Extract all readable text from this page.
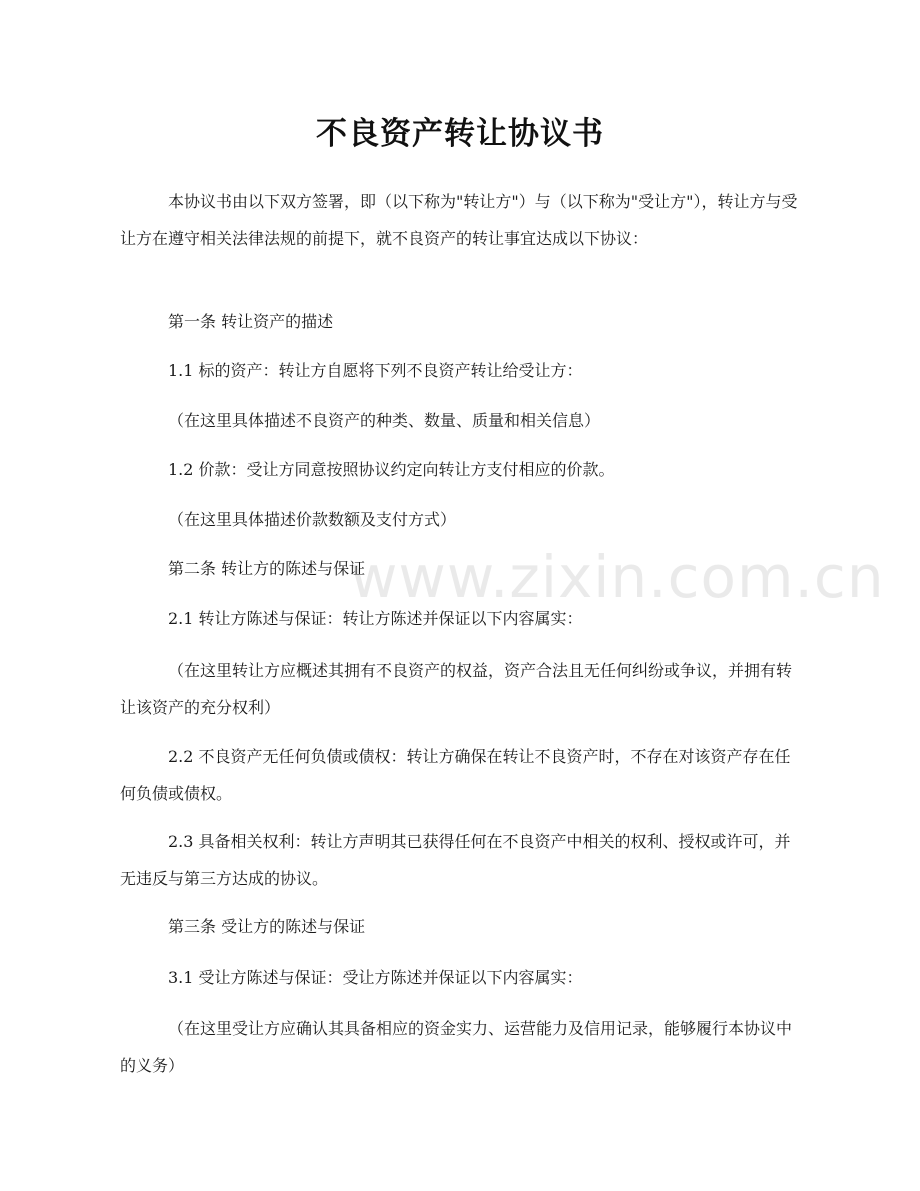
www.zixin.com.cn
不良资产转让协议书

本协议书由以下双方签署，即（以下称为"转让方"）与（以下称为"受让方"），转让方与受让方在遵守相关法律法规的前提下，就不良资产的转让事宜达成以下协议：

第一条 转让资产的描述

1.1 标的资产：转让方自愿将下列不良资产转让给受让方：

（在这里具体描述不良资产的种类、数量、质量和相关信息）

1.2 价款：受让方同意按照协议约定向转让方支付相应的价款。

（在这里具体描述价款数额及支付方式）

第二条 转让方的陈述与保证

2.1 转让方陈述与保证：转让方陈述并保证以下内容属实：

（在这里转让方应概述其拥有不良资产的权益，资产合法且无任何纠纷或争议，并拥有转让该资产的充分权利）

2.2 不良资产无任何负债或债权：转让方确保在转让不良资产时，不存在对该资产存在任何负债或债权。

2.3 具备相关权利：转让方声明其已获得任何在不良资产中相关的权利、授权或许可，并无违反与第三方达成的协议。

第三条 受让方的陈述与保证

3.1 受让方陈述与保证：受让方陈述并保证以下内容属实：

（在这里受让方应确认其具备相应的资金实力、运营能力及信用记录，能够履行本协议中的义务）
